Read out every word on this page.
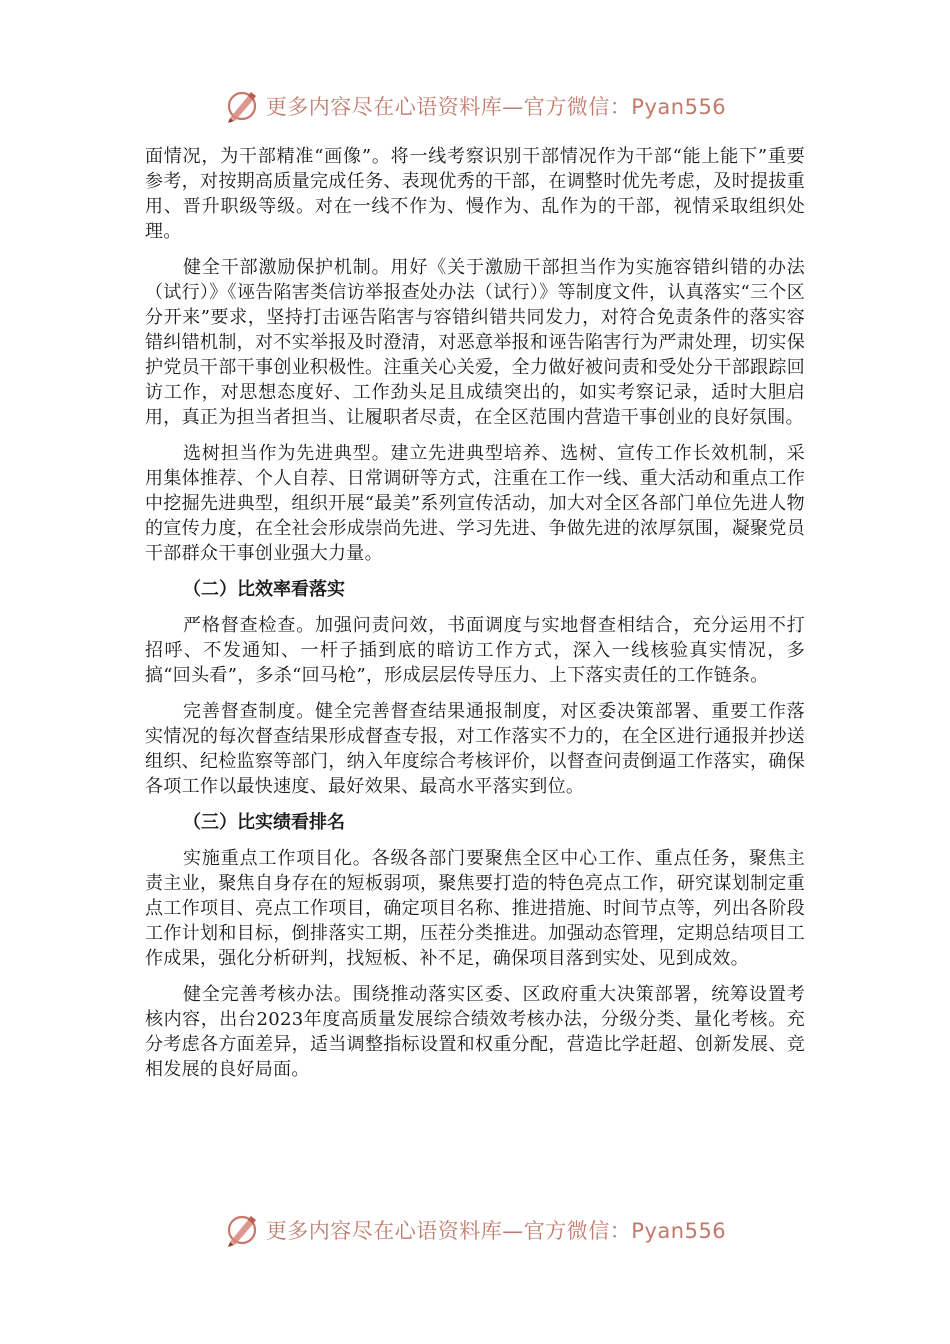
更多内容尽在心语资料库—官方微信：Pyan556

面情况，为干部精准“画像”。将一线考察识别干部情况作为干部“能上能下”重要参考，对按期高质量完成任务、表现优秀的干部，在调整时优先考虑，及时提拔重用、晋升职级等级。对在一线不作为、慢作为、乱作为的干部，视情采取组织处理。

健全干部激励保护机制。用好《关于激励干部担当作为实施容错纠错的办法（试行）》《诬告陷害类信访举报查处办法（试行）》等制度文件，认真落实“三个区分开来”要求，坚持打击诬告陷害与容错纠错共同发力，对符合免责条件的落实容错纠错机制，对不实举报及时澄清，对恶意举报和诬告陷害行为严肃处理，切实保护党员干部干事创业积极性。注重关心关爱，全力做好被问责和受处分干部跟踪回访工作，对思想态度好、工作劲头足且成绩突出的，如实考察记录，适时大胆启用，真正为担当者担当、让履职者尽责，在全区范围内营造干事创业的良好氛围。

选树担当作为先进典型。建立先进典型培养、选树、宣传工作长效机制，采用集体推荐、个人自荐、日常调研等方式，注重在工作一线、重大活动和重点工作中挖掘先进典型，组织开展“最美”系列宣传活动，加大对全区各部门单位先进人物的宣传力度，在全社会形成崇尚先进、学习先进、争做先进的浓厚氛围，凝聚党员干部群众干事创业强大力量。

（二）比效率看落实

严格督查检查。加强问责问效，书面调度与实地督查相结合，充分运用不打招呼、不发通知、一杆子插到底的暗访工作方式，深入一线核验真实情况，多搞“回头看”，多杀“回马枪”，形成层层传导压力、上下落实责任的工作链条。

完善督查制度。健全完善督查结果通报制度，对区委决策部署、重要工作落实情况的每次督查结果形成督查专报，对工作落实不力的，在全区进行通报并抄送组织、纪检监察等部门，纳入年度综合考核评价，以督查问责倒逼工作落实，确保各项工作以最快速度、最好效果、最高水平落实到位。

（三）比实绩看排名

实施重点工作项目化。各级各部门要聚焦全区中心工作、重点任务，聚焦主责主业，聚焦自身存在的短板弱项，聚焦要打造的特色亮点工作，研究谋划制定重点工作项目、亮点工作项目，确定项目名称、推进措施、时间节点等，列出各阶段工作计划和目标，倒排落实工期，压茬分类推进。加强动态管理，定期总结项目工作成果，强化分析研判，找短板、补不足，确保项目落到实处、见到成效。

健全完善考核办法。围绕推动落实区委、区政府重大决策部署，统筹设置考核内容，出台2023年度高质量发展综合绩效考核办法，分级分类、量化考核。充分考虑各方面差异，适当调整指标设置和权重分配，营造比学赶超、创新发展、竞相发展的良好局面。

更多内容尽在心语资料库—官方微信：Pyan556
